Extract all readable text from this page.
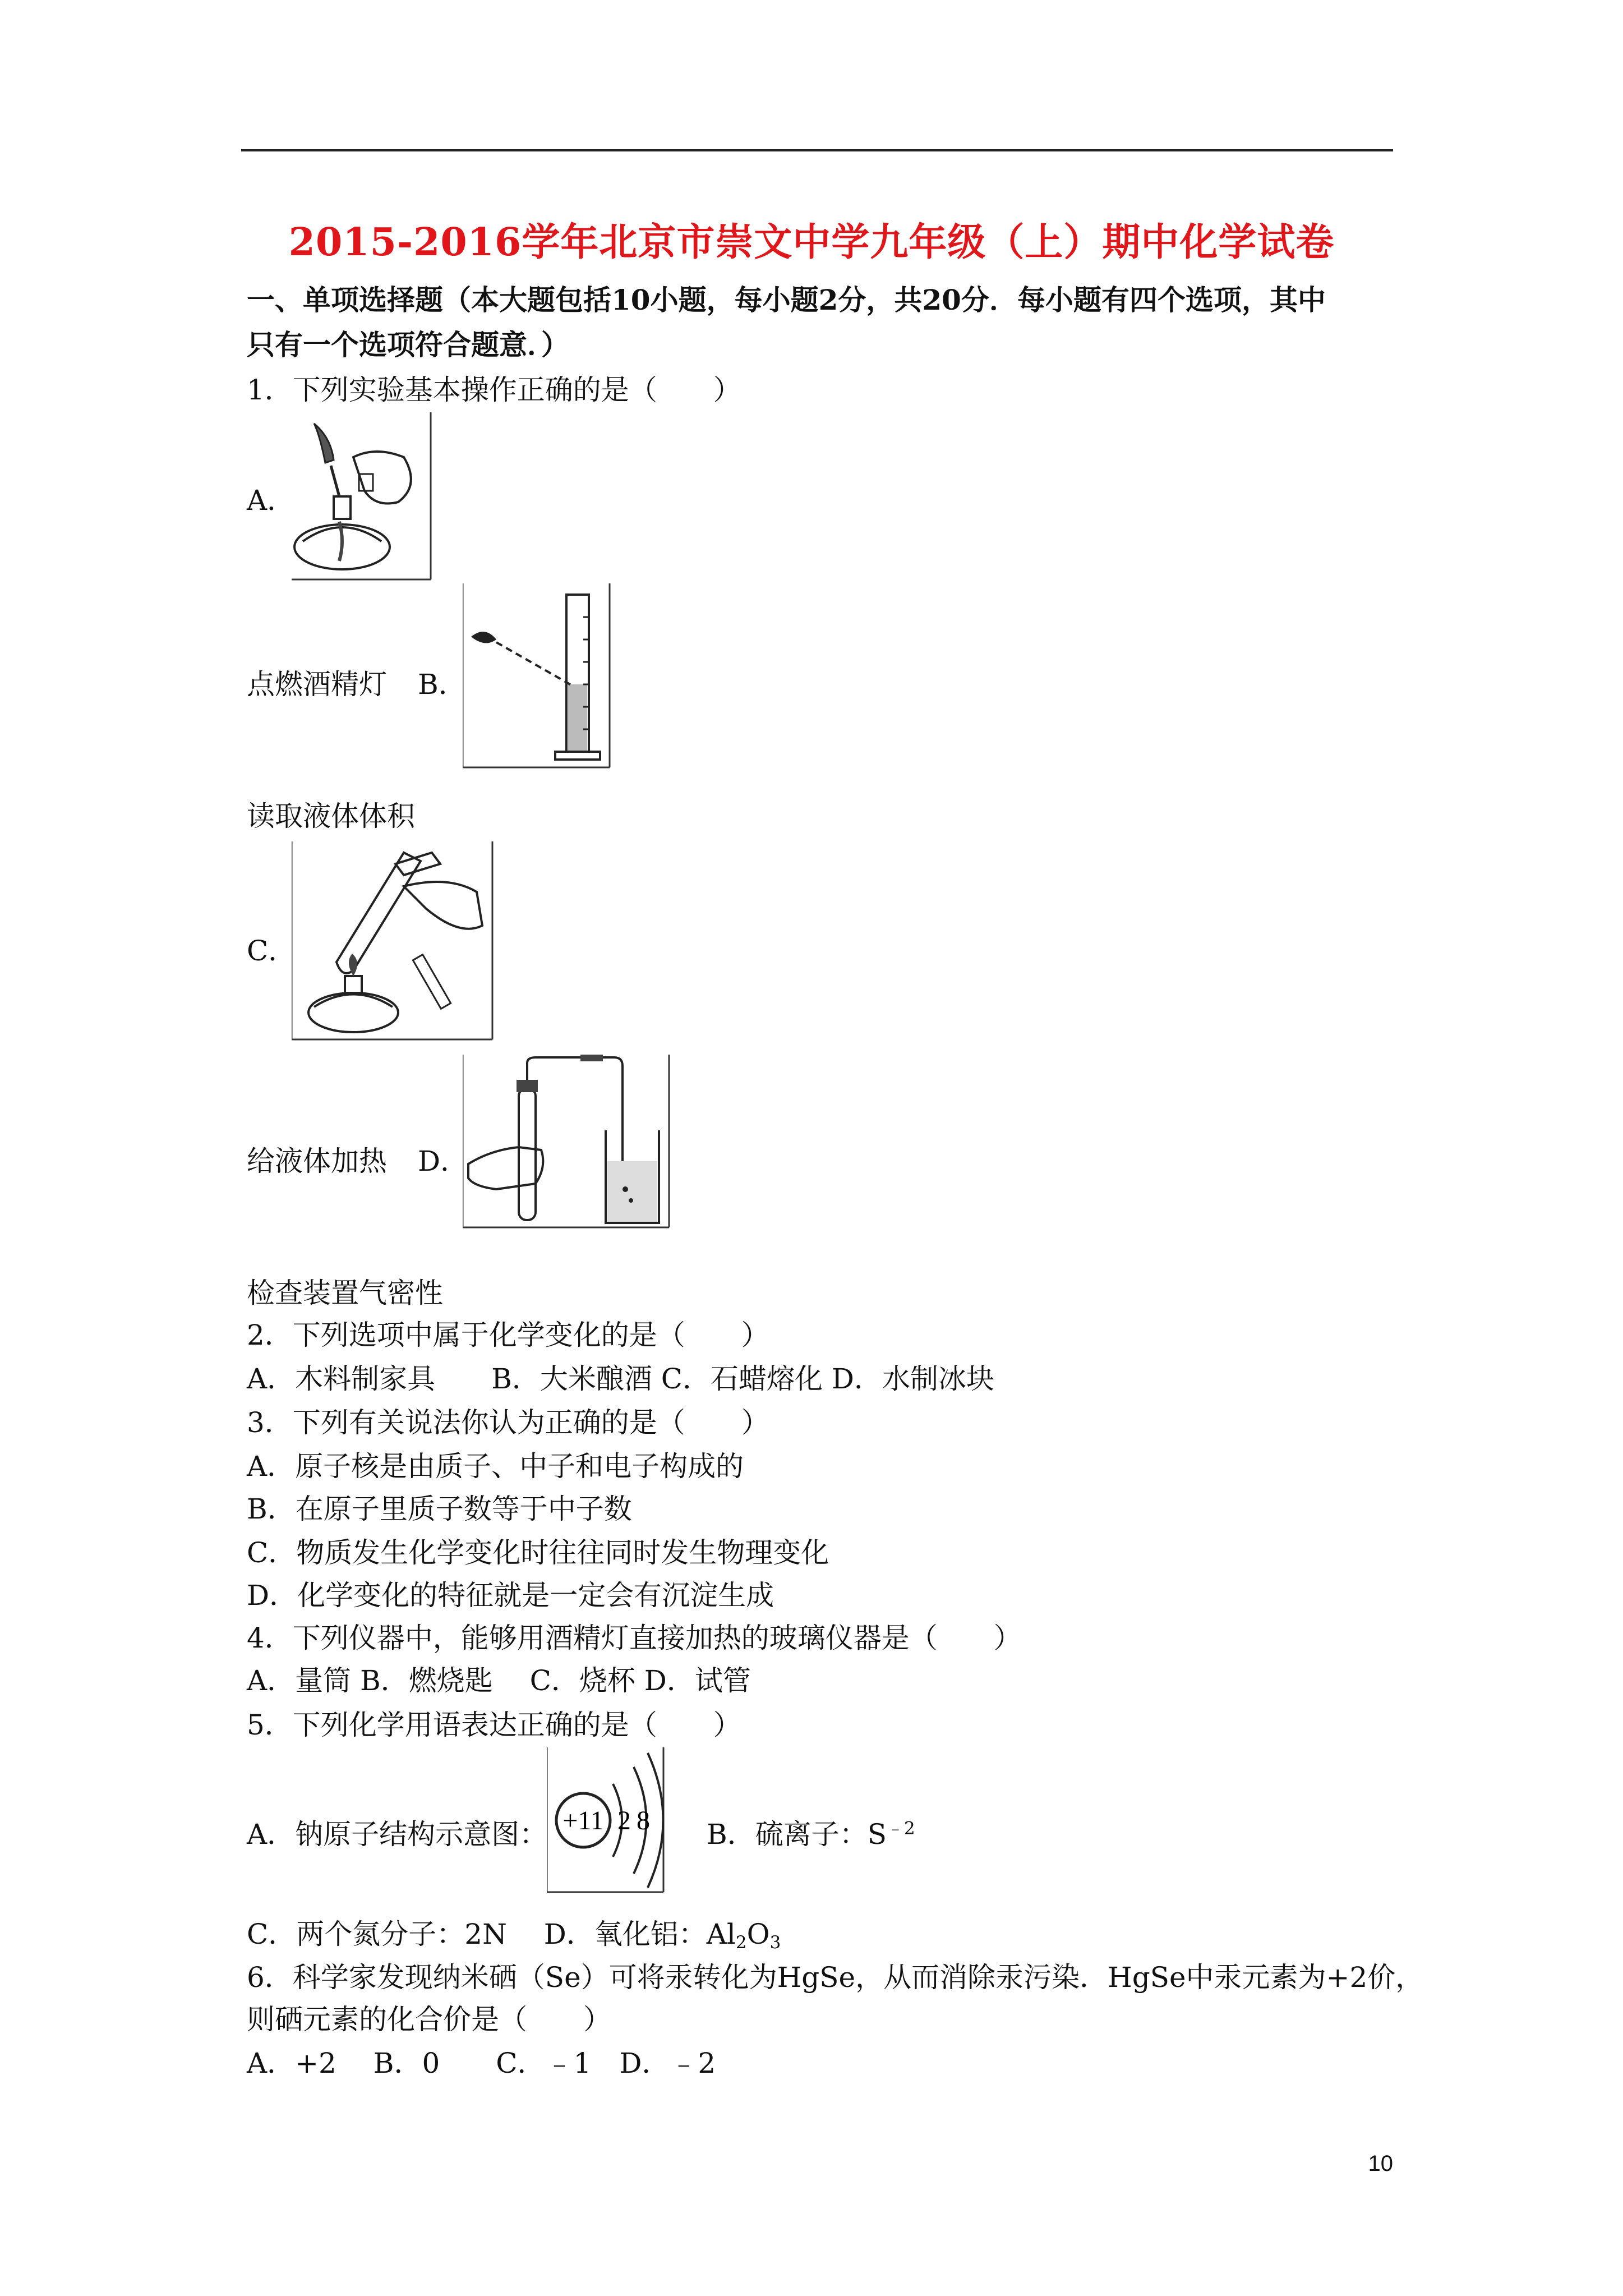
2015-2016学年北京市崇文中学九年级（上）期中化学试卷
一、单项选择题（本大题包括10小题，每小题2分，共20分．每小题有四个选项，其中
只有一个选项符合题意．）
1．下列实验基本操作正确的是（　　）
A．
点燃酒精灯 B．
读取液体体积
C．
给液体加热 D．
检查装置气密性
2．下列选项中属于化学变化的是（　　）
A．木料制家具　　B．大米酿酒 C．石蜡熔化 D．水制冰块
3．下列有关说法你认为正确的是（　　）
A．原子核是由质子、中子和电子构成的
B．在原子里质子数等于中子数
C．物质发生化学变化时往往同时发生物理变化
D．化学变化的特征就是一定会有沉淀生成
4．下列仪器中，能够用酒精灯直接加热的玻璃仪器是（　　）
A．量筒 B．燃烧匙　 C．烧杯 D．试管
5．下列化学用语表达正确的是（　　）
A．钠原子结构示意图： +11 2 8 B．硫离子：$S^{﹣2}$
C．两个氮分子：2N　 D．氧化铝：$Al_2O_3$
6．科学家发现纳米硒（Se）可将汞转化为HgSe，从而消除汞污染．HgSe中汞元素为+2价，
则硒元素的化合价是（　　）
A．+2　 B．0　　C．﹣1　D．﹣2
10
